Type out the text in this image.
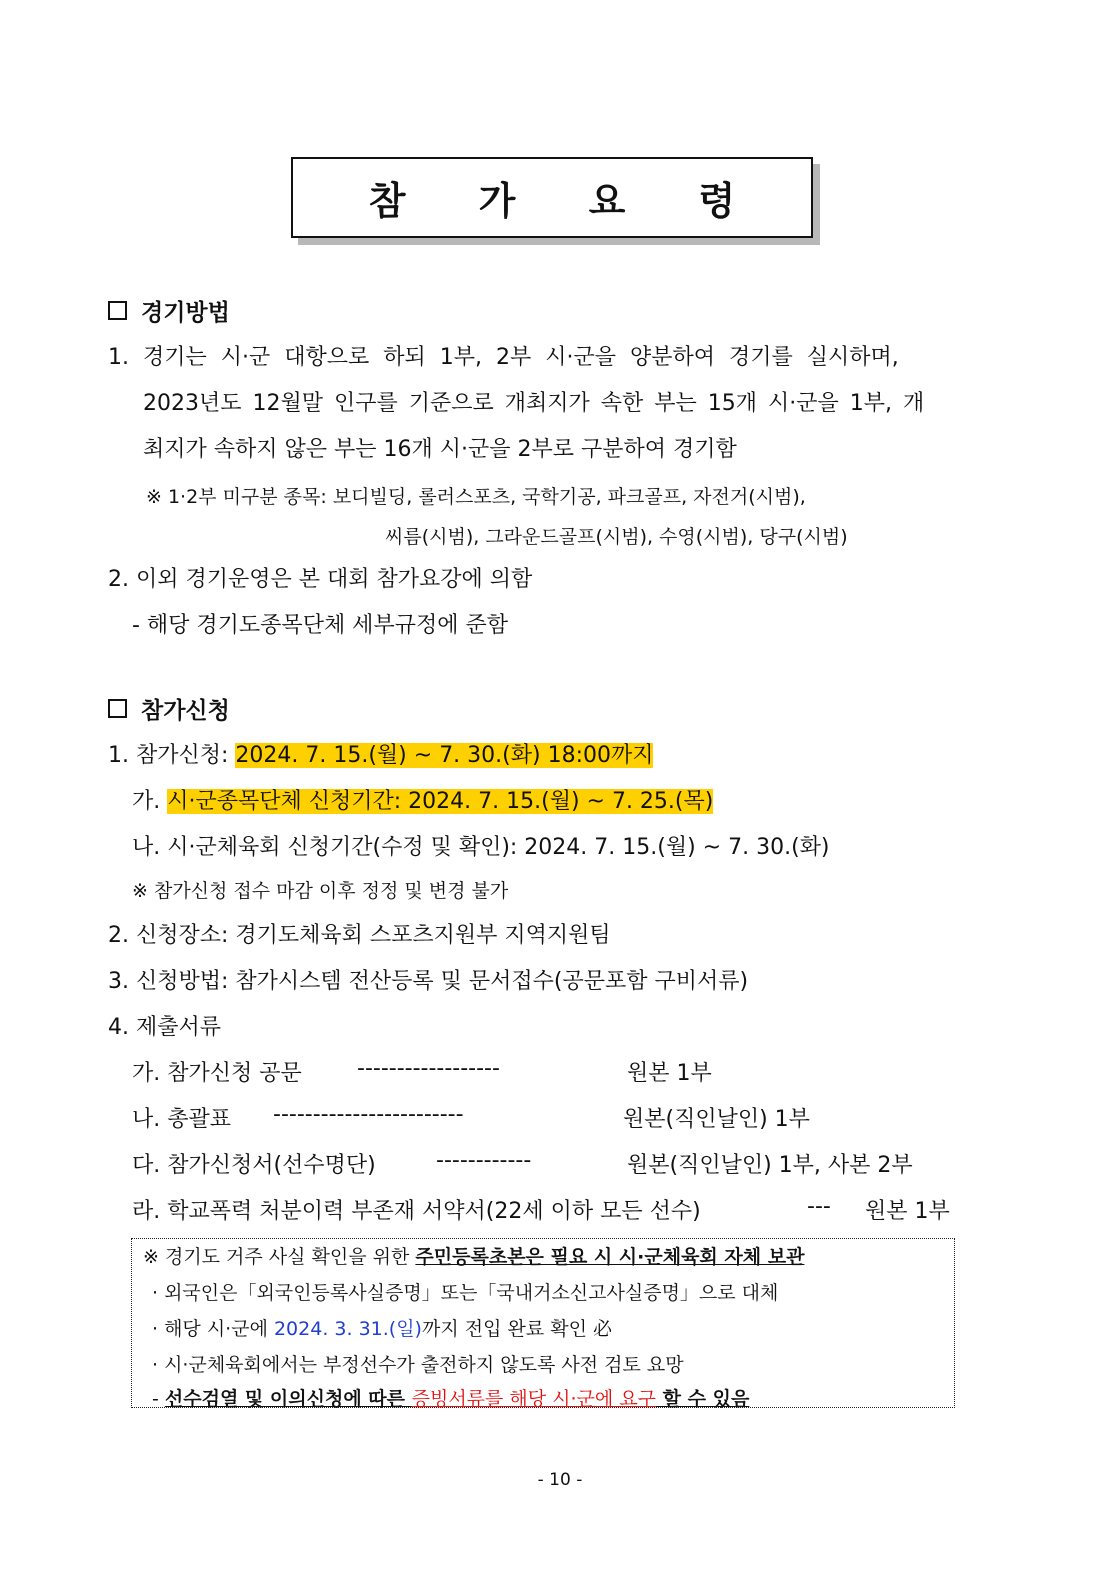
참 가 요 령
경기방법
1. 경기는 시·군 대항으로 하되 1부, 2부 시·군을 양분하여 경기를 실시하며,
2023년도 12월말 인구를 기준으로 개최지가 속한 부는 15개 시·군을 1부, 개
최지가 속하지 않은 부는 16개 시·군을 2부로 구분하여 경기함
※ 1·2부 미구분 종목: 보디빌딩, 롤러스포츠, 국학기공, 파크골프, 자전거(시범),
씨름(시범), 그라운드골프(시범), 수영(시범), 당구(시범)
2. 이외 경기운영은 본 대회 참가요강에 의함
- 해당 경기도종목단체 세부규정에 준함
참가신청
1. 참가신청: 2024. 7. 15.(월) ~ 7. 30.(화) 18:00까지
가. 시·군종목단체 신청기간: 2024. 7. 15.(월) ~ 7. 25.(목)
나. 시·군체육회 신청기간(수정 및 확인): 2024. 7. 15.(월) ~ 7. 30.(화)
※ 참가신청 접수 마감 이후 정정 및 변경 불가
2. 신청장소: 경기도체육회 스포츠지원부 지역지원팀
3. 신청방법: 참가시스템 전산등록 및 문서접수(공문포함 구비서류)
4. 제출서류
가. 참가신청 공문	------------------	원본 1부
나. 총괄표 ------------------------	원본(직인날인) 1부
다. 참가신청서(선수명단)	------------	원본(직인날인) 1부, 사본 2부
라. 학교폭력 처분이력 부존재 서약서(22세 이하 모든 선수)	--- 원본 1부
※ 경기도 거주 사실 확인을 위한 주민등록초본은 필요 시 시·군체육회 자체 보관
· 외국인은「외국인등록사실증명」또는「국내거소신고사실증명」으로 대체
· 해당 시·군에 2024. 3. 31.(일)까지 전입 완료 확인 必
· 시·군체육회에서는 부정선수가 출전하지 않도록 사전 검토 요망
- 선수검열 및 이의신청에 따른 증빙서류를 해당 시·군에 요구 할 수 있음
- 10 -
